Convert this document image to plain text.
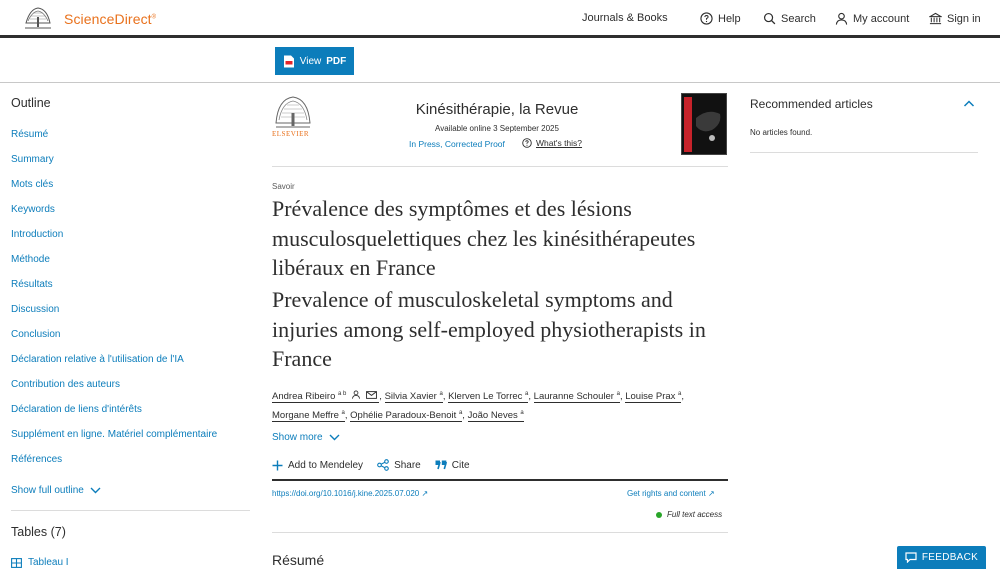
ScienceDirect®	Journals & Books	Help	Search	My account	Sign in
View PDF
Outline
Résumé
Summary
Mots clés
Keywords
Introduction
Méthode
Résultats
Discussion
Conclusion
Déclaration relative à l'utilisation de l'IA
Contribution des auteurs
Déclaration de liens d'intérêts
Supplément en ligne. Matériel complémentaire
Références
Show full outline
Tables (7)
Tableau I
ELSEVIER
Kinésithérapie, la Revue
Available online 3 September 2025
In Press, Corrected Proof	What's this?
Savoir
Prévalence des symptômes et des lésions musculosquelettiques chez les kinésithérapeutes libéraux en France
Prevalence of musculoskeletal symptoms and injuries among self-employed physiotherapists in France
Andrea Ribeiro $^{a b}$	, Silvia Xavier $^a$, Klerven Le Torrec $^a$, Lauranne Schouler $^a$, Louise Prax $^a$,
Morgane Meffre $^a$, Ophélie Paradoux-Benoit $^a$, João Neves $^a$
Show more
Add to Mendeley	Share	Cite
https://doi.org/10.1016/j.kine.2025.07.020 ↗	Get rights and content ↗
Full text access
Résumé
Recommended articles
No articles found.
FEEDBACK
